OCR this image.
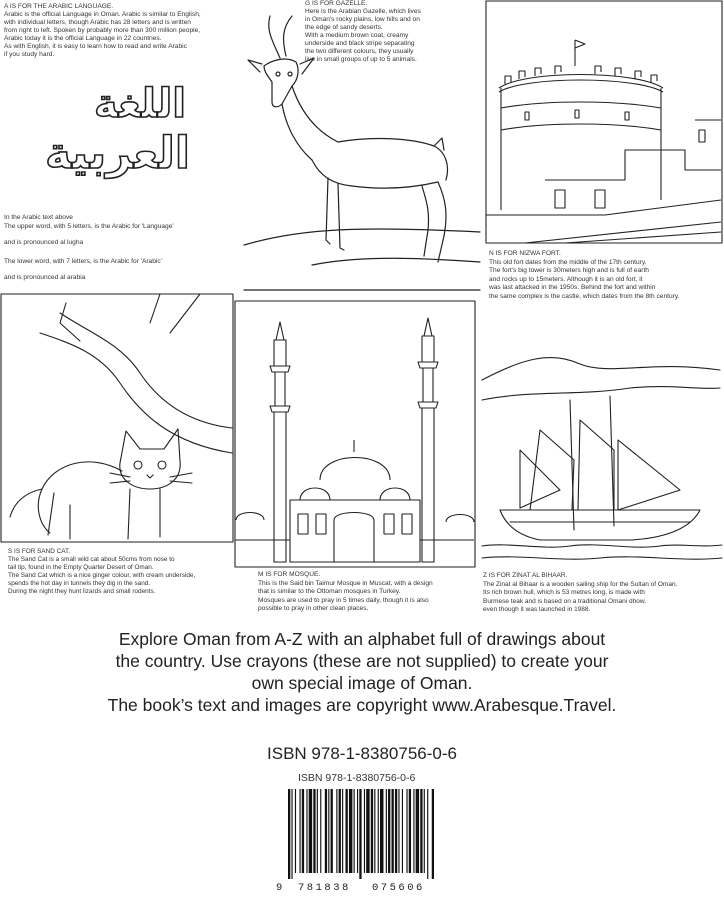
A IS FOR THE ARABIC LANGUAGE.
Arabic is the official Language in Oman. Arabic is similar to English,
with individual letters, though Arabic has 28 letters and is written
from right to left. Spoken by probably more than 300 million people,
Arabic today it is the official Language in 22 countries.
As with English, it is easy to learn how to read and write Arabic
if you study hard.
اللغة
العربية
In the Arabic text above
The upper word, with 5 letters, is the Arabic for 'Language'
and is pronounced al lugha
The lower word, with 7 letters, is the Arabic for 'Arabic'
and is pronounced al arabia
G IS FOR GAZELLE.
Here is the Arabian Gazelle, which lives
in Oman's rocky plains, low hills and on
the edge of sandy deserts.
With a medium brown coat, creamy
underside and black stripe separating
the two different colours, they usually
live in small groups of up to 5 animals.
N IS FOR NIZWA FORT.
This old fort dates from the middle of the 17th century.
The fort's big tower is 30meters high and is full of earth
and rocks up to 15meters. Although it is an old fort, it
was last attacked in the 1950s. Behind the fort and within
the same complex is the castle, which dates from the 8th century.
S IS FOR SAND CAT.
The Sand Cat is a small wild cat about 50cms from nose to
tail tip, found in the Empty Quarter Desert of Oman.
The Sand Cat which is a nice ginger colour, with cream underside,
spends the hot day in tunnels they dig in the sand.
During the night they hunt lizards and small rodents.
M IS FOR MOSQUE.
This is the Said bin Taimur Mosque in Muscat, with a design
that is similar to the Ottoman mosques in Turkey.
Mosques are used to pray in 5 times daily, though it is also
possible to pray in other clean places.
Z IS FOR ZINAT AL BIHAAR.
The Zinat al Bihaar is a wooden sailing ship for the Sultan of Oman.
Its rich brown hull, which is 53 metres long, is made with
Burmese teak and is based on a traditional Omani dhow,
even though it was launched in 1988.
Explore Oman from A-Z with an alphabet full of drawings about
the country. Use crayons (these are not supplied) to create your
own special image of Oman.
The book’s text and images are copyright www.Arabesque.Travel.
ISBN 978-1-8380756-0-6
ISBN 978-1-8380756-0-6
9 781838 075606
